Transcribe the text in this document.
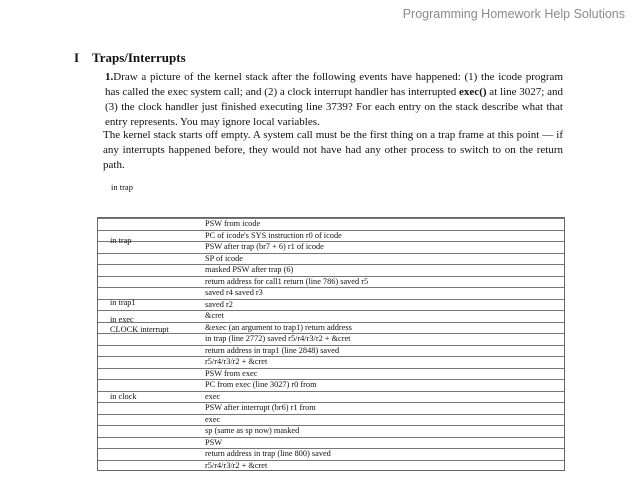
Programming Homework Help Solutions
I Traps/Interrupts

1.Draw a picture of the kernel stack after the following events have happened: (1) the icode program has called the exec system call; and (2) a clock interrupt handler has interrupted exec() at line 3027; and (3) the clock handler just finished executing line 3739? For each entry on the stack describe what that entry represents. You may ignore local variables.

The kernel stack starts off empty. A system call must be the first thing on a trap frame at this point — if any interrupts happened before, they would not have had any other process to switch to on the return path.

in trap
PSW from icode
PC of icode's SYS instruction r0 of icode
PSW after trap (br7 + 6) r1 of icode
SP of icode
masked PSW after trap (6)
return address for call1 return (line 786) saved r5
saved r4 saved r3
saved r2
&cret
&exec (an argument to trap1) return address
in trap (line 2772) saved r5/r4/r3/r2 + &cret
return address in trap1 (line 2848) saved
r5/r4/r3/r2 + &cret
PSW from exec
PC from exec (line 3027) r0 from
exec
PSW after interrupt (br6) r1 from
exec
sp (same as sp now) masked
PSW
return address in trap (line 800) saved
r5/r4/r3/r2 + &cret
in trap
in trap1
in exec
CLOCK interrupt
in clock
